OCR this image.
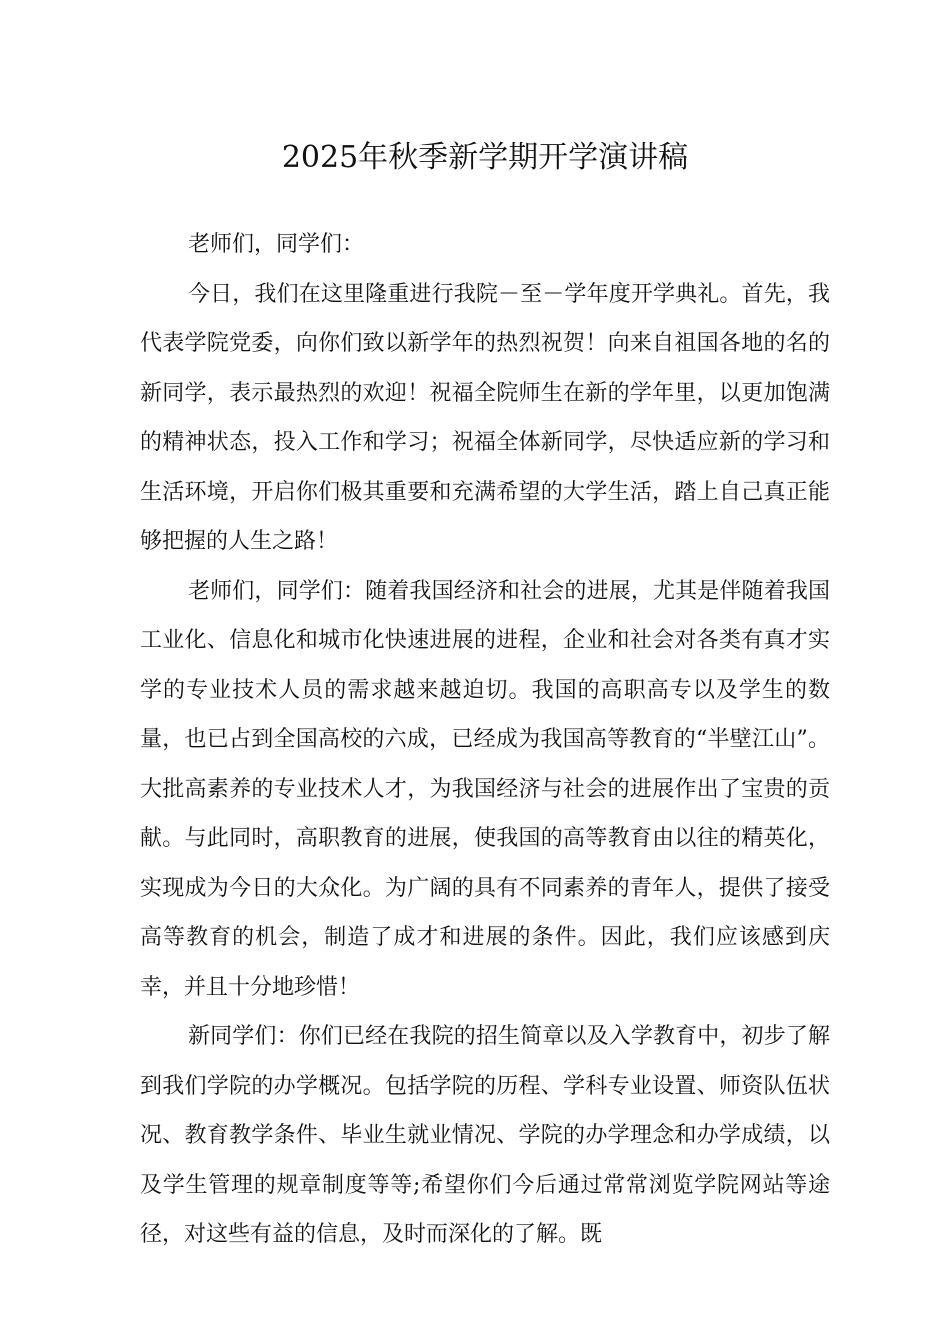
2025年秋季新学期开学演讲稿

老师们，同学们：

今日，我们在这里隆重进行我院－至－学年度开学典礼。首先，我代表学院党委，向你们致以新学年的热烈祝贺！向来自祖国各地的名的新同学，表示最热烈的欢迎！祝福全院师生在新的学年里，以更加饱满的精神状态，投入工作和学习；祝福全体新同学，尽快适应新的学习和生活环境，开启你们极其重要和充满希望的大学生活，踏上自己真正能够把握的人生之路！

老师们，同学们：随着我国经济和社会的进展，尤其是伴随着我国工业化、信息化和城市化快速进展的进程，企业和社会对各类有真才实学的专业技术人员的需求越来越迫切。我国的高职高专以及学生的数量，也已占到全国高校的六成，已经成为我国高等教育的“半壁江山”。大批高素养的专业技术人才，为我国经济与社会的进展作出了宝贵的贡献。与此同时，高职教育的进展，使我国的高等教育由以往的精英化，实现成为今日的大众化。为广阔的具有不同素养的青年人，提供了接受高等教育的机会，制造了成才和进展的条件。因此，我们应该感到庆幸，并且十分地珍惜！

新同学们：你们已经在我院的招生简章以及入学教育中，初步了解到我们学院的办学概况。包括学院的历程、学科专业设置、师资队伍状况、教育教学条件、毕业生就业情况、学院的办学理念和办学成绩，以及学生管理的规章制度等等;希望你们今后通过常常浏览学院网站等途径，对这些有益的信息，及时而深化的了解。既
